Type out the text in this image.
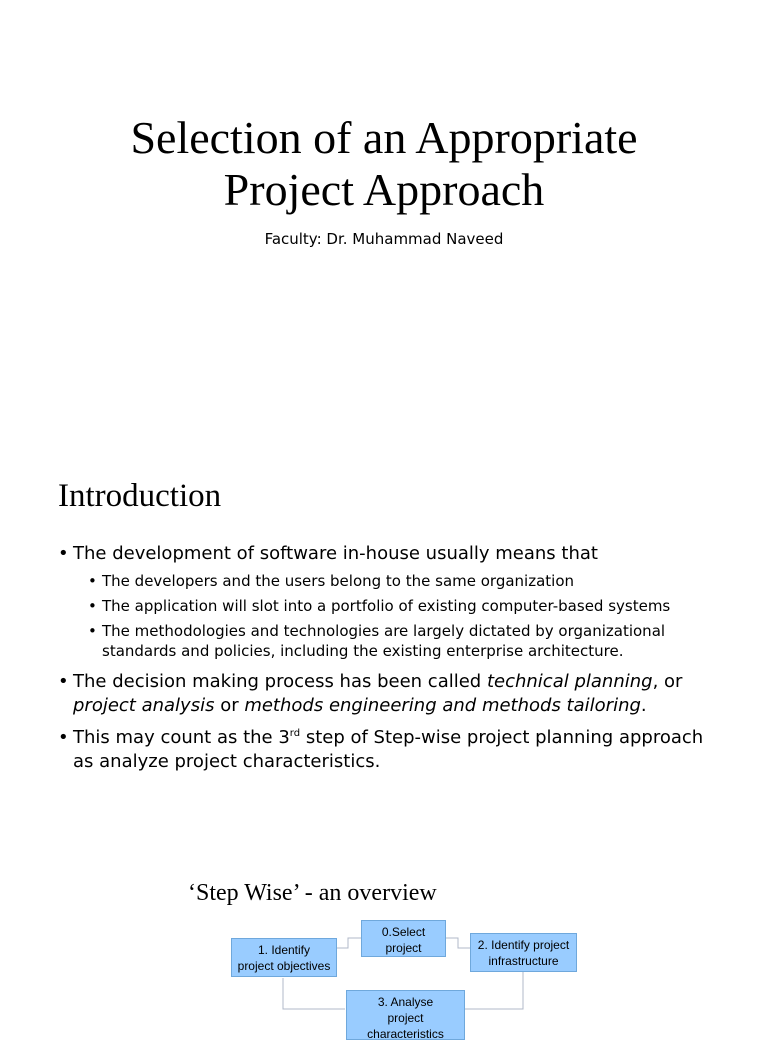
Selection of an Appropriate
Project Approach
Faculty: Dr. Muhammad Naveed
Introduction
• The development of software in-house usually means that
• The developers and the users belong to the same organization
• The application will slot into a portfolio of existing computer-based systems
• The methodologies and technologies are largely dictated by organizational
standards and policies, including the existing enterprise architecture.
• The decision making process has been called technical planning, or
project analysis or methods engineering and methods tailoring.
• This may count as the 3rd step of Step-wise project planning approach
as analyze project characteristics.
‘Step Wise’ - an overview
0.Select
project
1. Identify
project objectives
2. Identify project
infrastructure
3. Analyse
project
characteristics
